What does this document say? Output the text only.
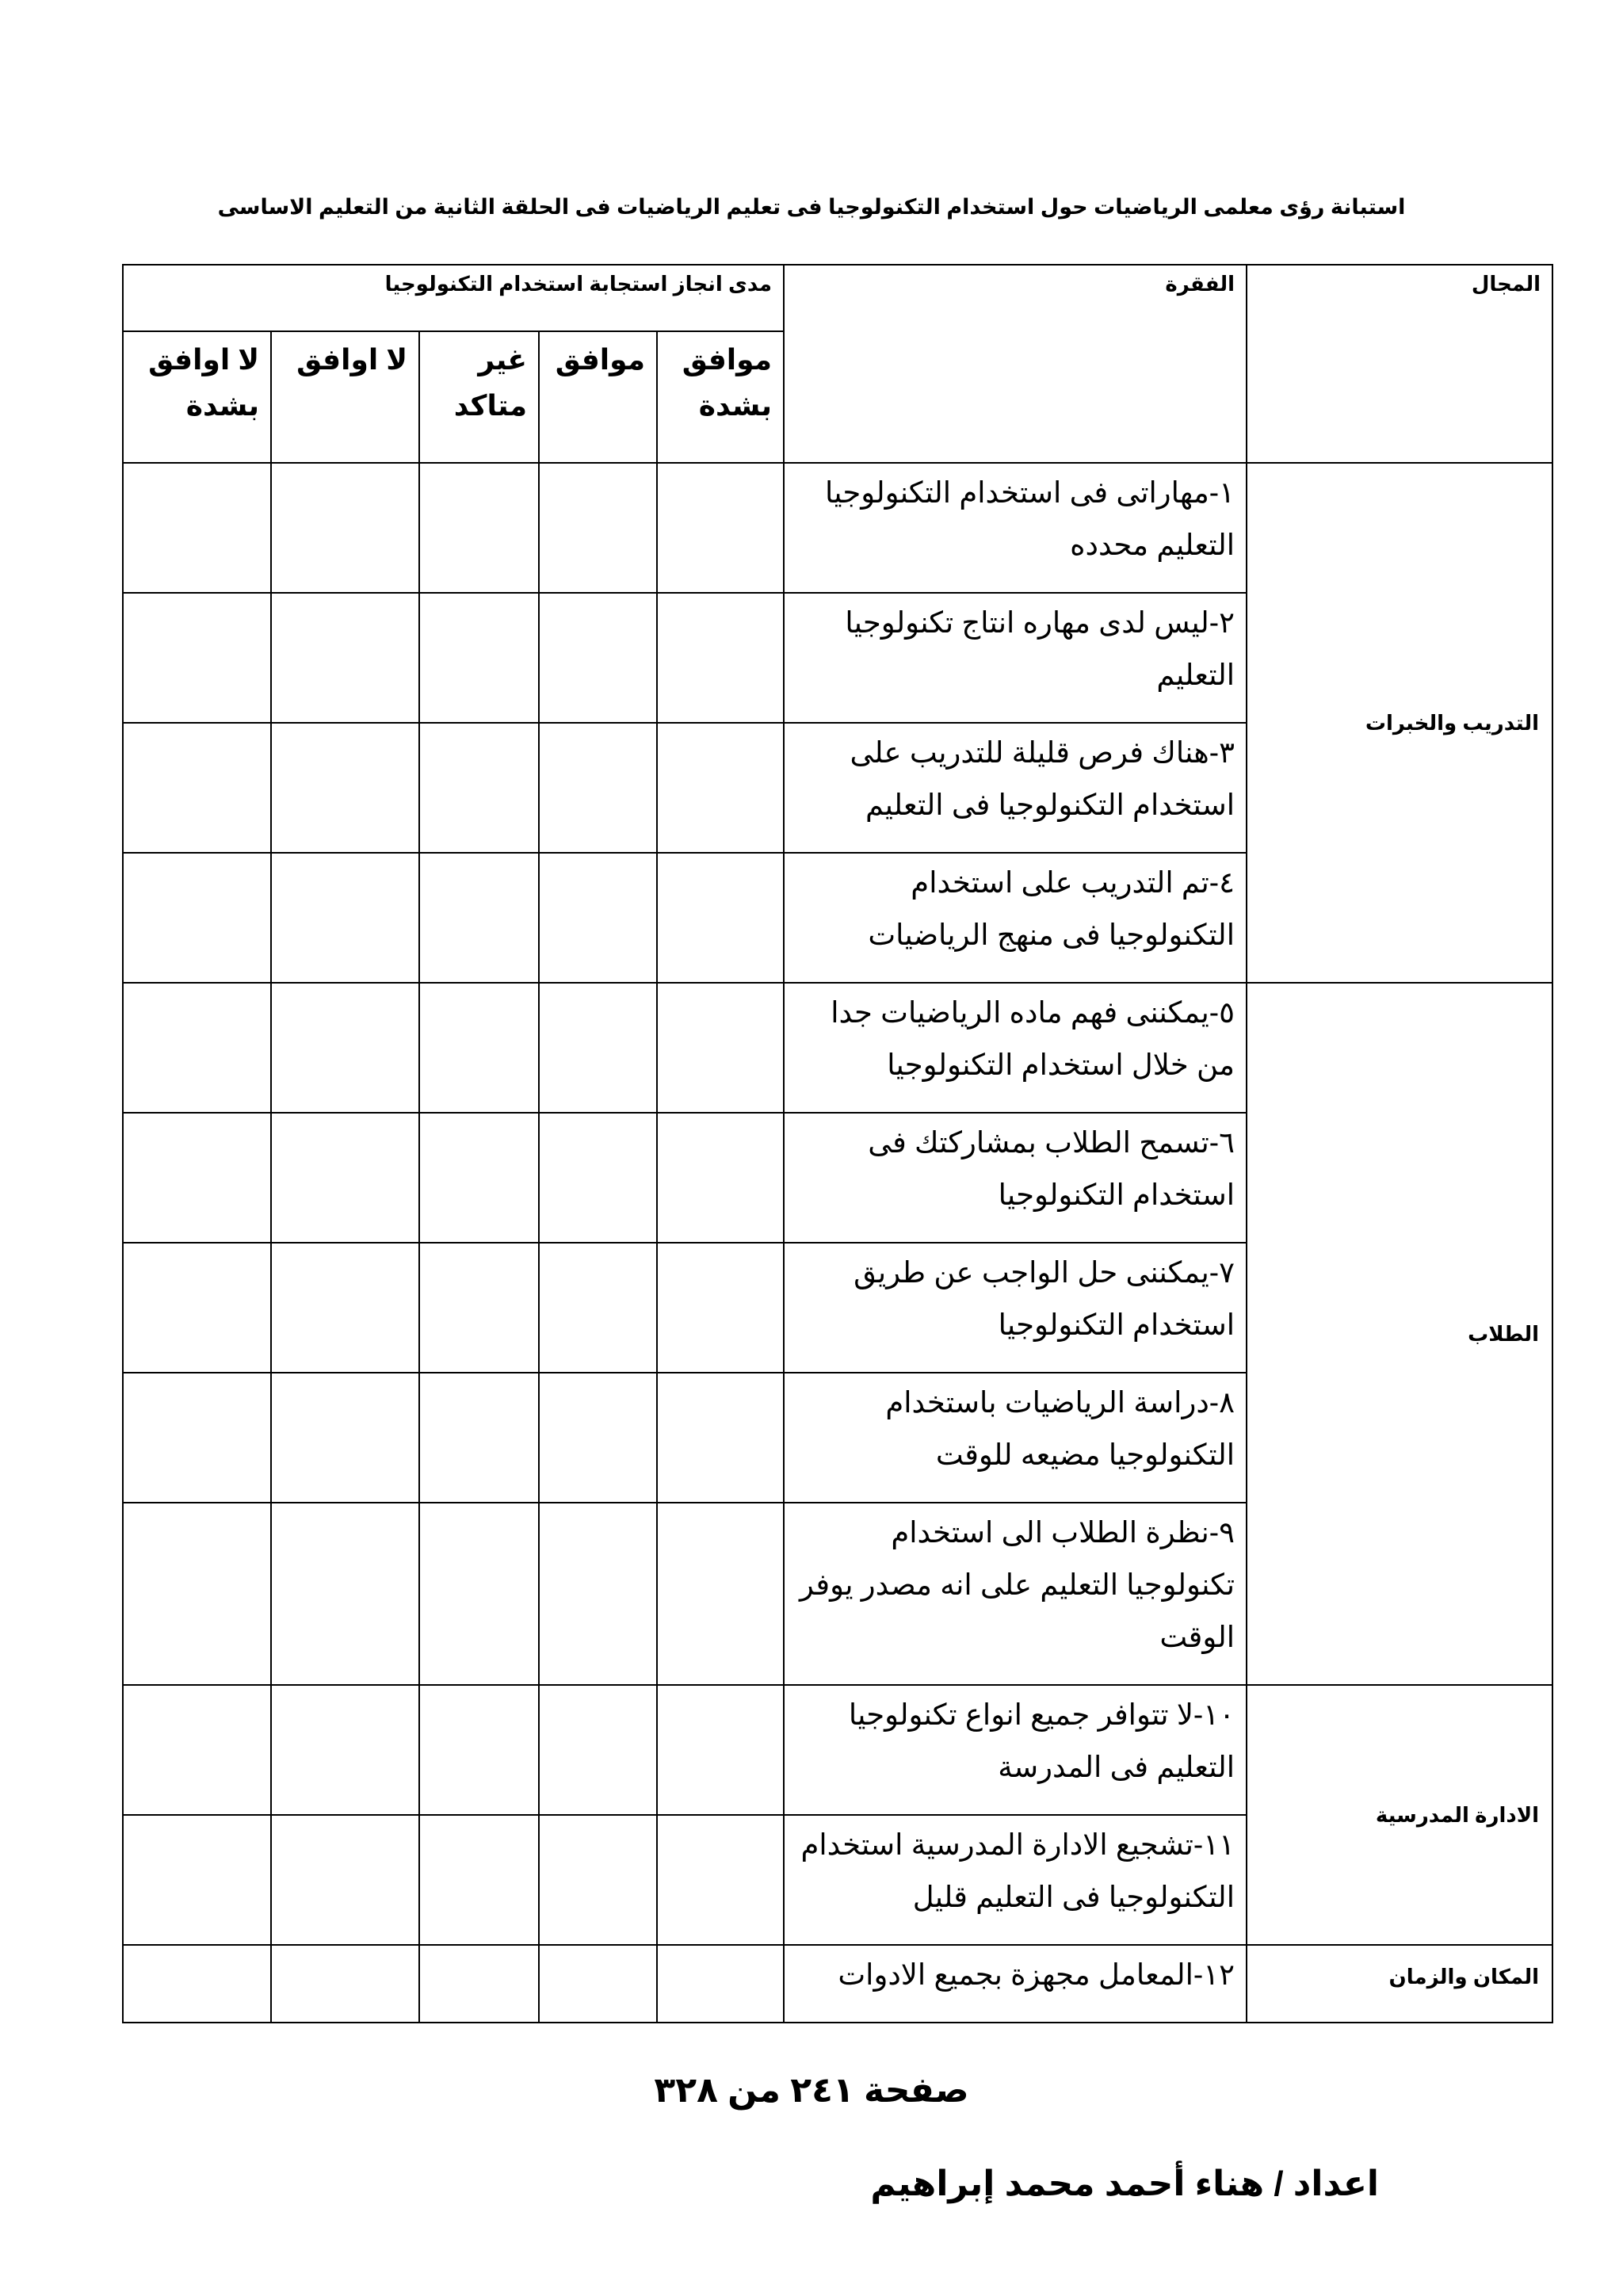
استبانة رؤى معلمى الرياضيات حول استخدام التكنولوجيا فى تعليم الرياضيات فى الحلقة الثانية من التعليم الاساسى
المجال	الفقرة	مدى انجاز استجابة استخدام التكنولوجيا				
		موافق بشدة	موافق	غير متاكد	لا اوافق	لا اوافق بشدة
التدريب والخبرات	١-مهاراتى فى استخدام التكنولوجيا التعليم محدده					
	٢-ليس لدى مهاره انتاج تكنولوجيا التعليم					
	٣-هناك فرص قليلة للتدريب على استخدام التكنولوجيا فى التعليم					
	٤-تم التدريب على استخدام التكنولوجيا فى منهج الرياضيات					
الطلاب	٥-يمكننى فهم ماده الرياضيات جدا من خلال استخدام التكنولوجيا					
	٦-تسمح الطلاب بمشاركتك فى استخدام التكنولوجيا					
	٧-يمكننى حل الواجب عن طريق استخدام التكنولوجيا					
	٨-دراسة الرياضيات باستخدام التكنولوجيا مضيعه للوقت					
	٩-نظرة الطلاب الى استخدام تكنولوجيا التعليم على انه مصدر يوفر الوقت					
الادارة المدرسية	١٠-لا تتوافر جميع انواع تكنولوجيا التعليم فى المدرسة					
	١١-تشجيع الادارة المدرسية استخدام التكنولوجيا فى التعليم قليل					
المكان والزمان	١٢-المعامل مجهزة بجميع الادوات					
صفحة ٢٤١ من ٣٢٨
اعداد / هناء أحمد محمد إبراهيم
